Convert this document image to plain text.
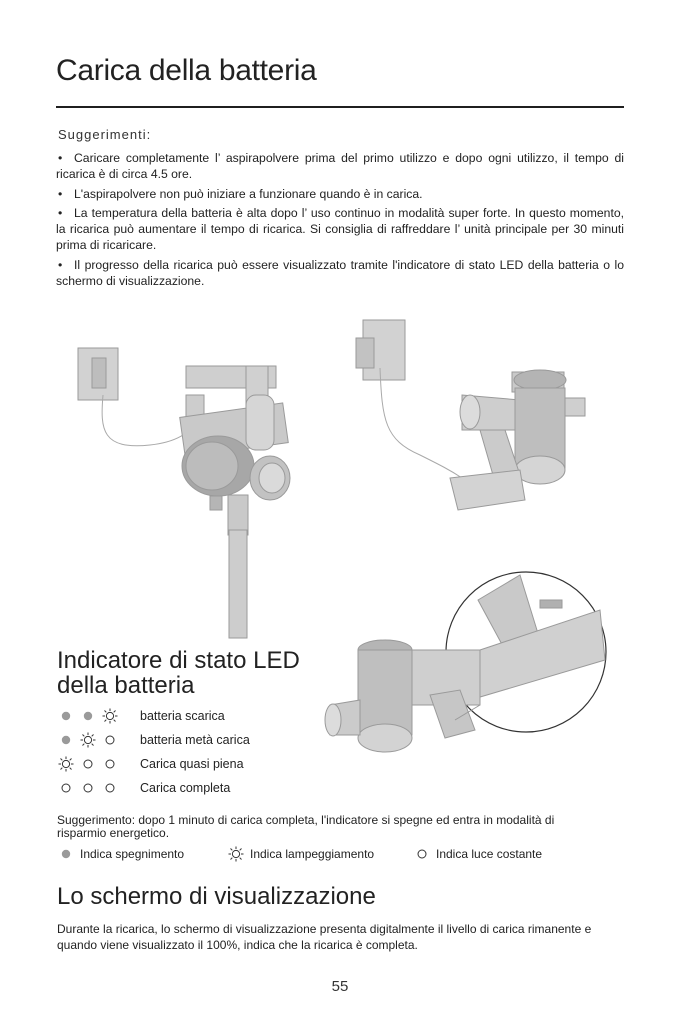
Carica della batteria
Suggerimenti:

• Caricare completamente l’ aspirapolvere prima del primo utilizzo e dopo ogni utilizzo, il tempo di ricarica è di circa 4.5 ore.

• L'aspirapolvere non può iniziare a funzionare quando è in carica.

• La temperatura della batteria è alta dopo l’ uso continuo in modalità super forte. In questo momento, la ricarica può aumentare il tempo di ricarica. Si consiglia di raffreddare l’ unità principale per 30 minuti prima di ricaricare.

• Il progresso della ricarica può essere visualizzato tramite l'indicatore di stato LED della batteria o lo schermo di visualizzazione.

Indicatore di stato LED
della batteria
batteria scarica
batteria metà carica
Carica quasi piena
Carica completa
Suggerimento: dopo 1 minuto di carica completa, l'indicatore si spegne ed entra in modalità di risparmio energetico.
Indica spegnimento	Indica lampeggiamento	Indica luce costante
Lo schermo di visualizzazione
Durante la ricarica, lo schermo di visualizzazione presenta digitalmente il livello di carica rimanente e quando viene visualizzato il 100%, indica che la ricarica è completa.
55
